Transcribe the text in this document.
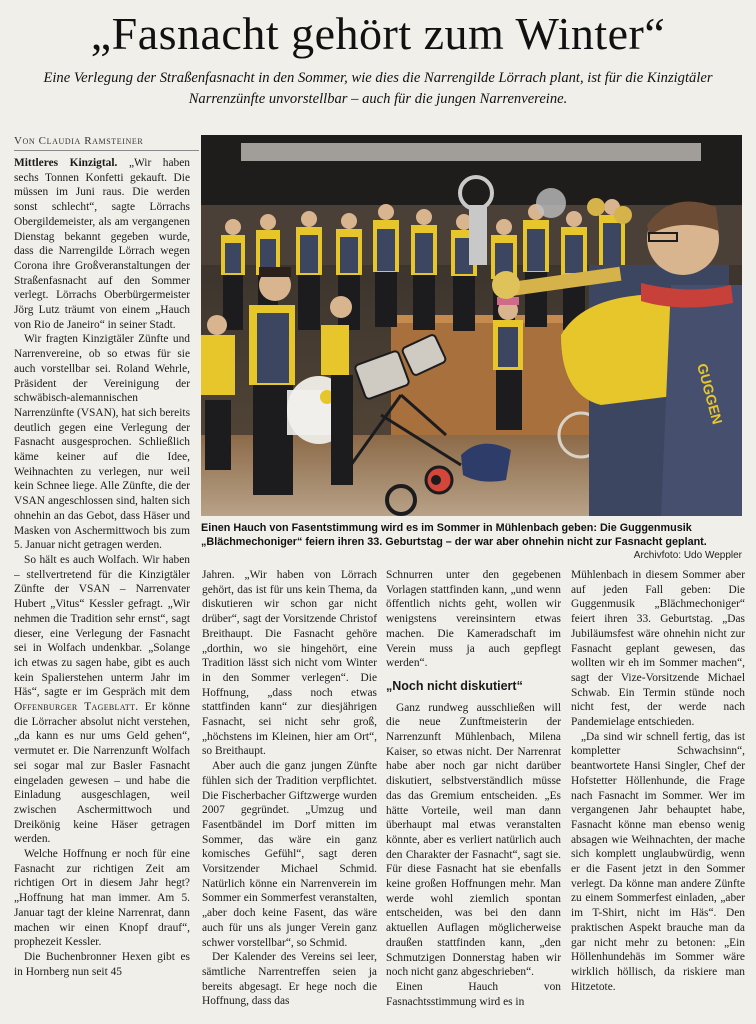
„Fasnacht gehört zum Winter“
Eine Verlegung der Straßenfasnacht in den Sommer, wie dies die Narrengilde Lörrach plant, ist für die Kinzigtäler Narrenzünfte unvorstellbar – auch für die jungen Narrenvereine.
Von Claudia Ramsteiner

Mittleres Kinzigtal. „Wir haben sechs Tonnen Konfetti gekauft. Die müssen im Juni raus. Die werden sonst schlecht“, sagte Lörrachs Obergildemeister, als am vergangenen Dienstag bekannt gegeben wurde, dass die Narrengilde Lörrach wegen Corona ihre Großveranstaltungen der Straßenfasnacht auf den Sommer verlegt. Lörrachs Oberbürgermeister Jörg Lutz träumt von einem „Hauch von Rio de Janeiro“ in seiner Stadt.

Wir fragten Kinzigtäler Zünfte und Narrenvereine, ob so etwas für sie auch vorstellbar sei. Roland Wehrle, Präsident der Vereinigung der schwäbisch-alemannischen Narrenzünfte (VSAN), hat sich bereits deutlich gegen eine Verlegung der Fasnacht ausgesprochen. Schließlich käme keiner auf die Idee, Weihnachten zu verlegen, nur weil kein Schnee liege. Alle Zünfte, die der VSAN angeschlossen sind, halten sich ohnehin an das Gebot, dass Häser und Masken von Aschermittwoch bis zum 5. Januar nicht getragen werden.

So hält es auch Wolfach. Wir haben – stellvertretend für die Kinzigtäler Zünfte der VSAN – Narrenvater Hubert „Vitus“ Kessler gefragt. „Wir nehmen die Tradition sehr ernst“, sagt dieser, eine Verlegung der Fasnacht sei in Wolfach undenkbar. „Solange ich etwas zu sagen habe, gibt es auch kein Spalierstehen unterm Jahr im Häs“, sagte er im Gespräch mit dem Offenburger Tageblatt. Er könne die Lörracher absolut nicht verstehen, „da kann es nur ums Geld gehen“, vermutet er. Die Narrenzunft Wolfach sei sogar mal zur Basler Fasnacht eingeladen gewesen – und habe die Einladung ausgeschlagen, weil zwischen Aschermittwoch und Dreikönig keine Häser getragen werden.

Welche Hoffnung er noch für eine Fasnacht zur richtigen Zeit am richtigen Ort in diesem Jahr hegt? „Hoffnung hat man immer. Am 5. Januar tagt der kleine Narrenrat, dann machen wir einen Knopf drauf“, prophezeit Kessler.

Die Buchenbronner Hexen gibt es in Hornberg nun seit 45

GUGGEN
Einen Hauch von Fasentstimmung wird es im Sommer in Mühlenbach geben: Die Guggenmusik „Blächmechoniger“ feiern ihren 33. Geburtstag – der war aber ohnehin nicht zur Fasnacht geplant.
Archivfoto: Udo Weppler

Jahren. „Wir haben von Lörrach gehört, das ist für uns kein Thema, da diskutieren wir schon gar nicht drüber“, sagt der Vorsitzende Christof Breithaupt. Die Fasnacht gehöre „dorthin, wo sie hingehört, eine Tradition lässt sich nicht vom Winter in den Sommer verlegen“. Die Hoffnung, „dass noch etwas stattfinden kann“ zur diesjährigen Fasnacht, sei nicht sehr groß, „höchstens im Kleinen, hier am Ort“, so Breithaupt.

Aber auch die ganz jungen Zünfte fühlen sich der Tradition verpflichtet. Die Fischerbacher Giftzwerge wurden 2007 gegründet. „Umzug und Fasentbändel im Dorf mitten im Sommer, das wäre ein ganz komisches Gefühl“, sagt deren Vorsitzender Michael Schmid. Natürlich könne ein Narrenverein im Sommer ein Sommerfest veranstalten, „aber doch keine Fasent, das wäre auch für uns als junger Verein ganz schwer vorstellbar“, so Schmid.

Der Kalender des Vereins sei leer, sämtliche Narrentreffen seien ja bereits abgesagt. Er hege noch die Hoffnung, dass das

Schnurren unter den gegebenen Vorlagen stattfinden kann, „und wenn öffentlich nichts geht, wollen wir wenigstens vereinsintern etwas machen. Die Kameradschaft im Verein muss ja auch gepflegt werden“.

„Noch nicht diskutiert“

Ganz rundweg ausschließen will die neue Zunftmeisterin der Narrenzunft Mühlenbach, Milena Kaiser, so etwas nicht. Der Narrenrat habe aber noch gar nicht darüber diskutiert, selbstverständlich müsse das das Gremium entscheiden. „Es hätte Vorteile, weil man dann überhaupt mal etwas veranstalten könnte, aber es verliert natürlich auch den Charakter der Fasnacht“, sagt sie. Für diese Fasnacht hat sie ebenfalls keine großen Hoffnungen mehr. Man werde wohl ziemlich spontan entscheiden, was bei den dann aktuellen Auflagen möglicherweise draußen stattfinden kann, „den Schmutzigen Donnerstag haben wir noch nicht ganz abgeschrieben“.

Einen Hauch von Fasnachtsstimmung wird es in

Mühlenbach in diesem Sommer aber auf jeden Fall geben: Die Guggenmusik „Blächmechoniger“ feiert ihren 33. Geburtstag. „Das Jubiläumsfest wäre ohnehin nicht zur Fasnacht geplant gewesen, das wollten wir eh im Sommer machen“, sagt der Vize-Vorsitzende Michael Schwab. Ein Termin stünde noch nicht fest, der werde nach Pandemielage entschieden.

„Da sind wir schnell fertig, das ist kompletter Schwachsinn“, beantwortete Hansi Singler, Chef der Hofstetter Höllenhunde, die Frage nach Fasnacht im Sommer. Wer im vergangenen Jahr behauptet habe, Fasnacht könne man ebenso wenig absagen wie Weihnachten, der mache sich komplett unglaubwürdig, wenn er die Fasent jetzt in den Sommer verlegt. Da könne man andere Zünfte zu einem Sommerfest einladen, „aber im T-Shirt, nicht im Häs“. Den praktischen Aspekt brauche man da gar nicht mehr zu betonen: „Ein Höllenhundehäs im Sommer wäre wirklich höllisch, da riskiere man Hitzetote.
